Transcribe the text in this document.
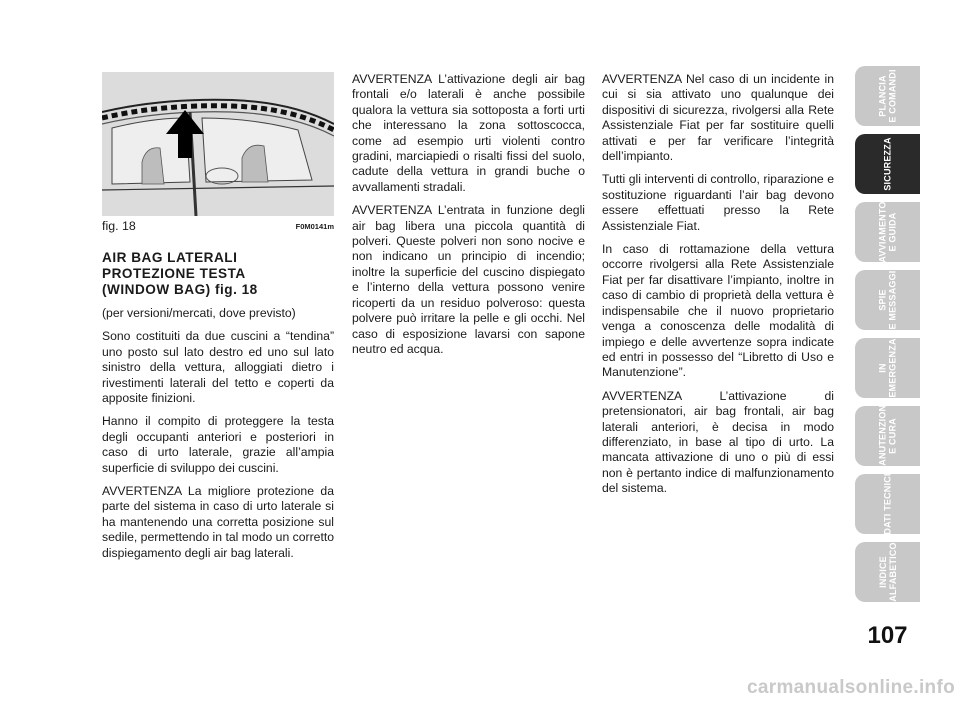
fig. 18	F0M0141m

AIR BAG LATERALI
PROTEZIONE TESTA
(WINDOW BAG) fig. 18

(per versioni/mercati, dove previsto)

Sono costituiti da due cuscini a “tendina” uno posto sul lato destro ed uno sul lato sinistro della vettura, alloggiati dietro i rivestimenti laterali del tetto e coperti da apposite finizioni.

Hanno il compito di proteggere la testa degli occupanti anteriori e posteriori in caso di urto laterale, grazie all’ampia superficie di sviluppo dei cuscini.

AVVERTENZA La migliore protezione da parte del sistema in caso di urto laterale si ha mantenendo una corretta posizione sul sedile, permettendo in tal modo un corretto dispiegamento degli air bag laterali.

AVVERTENZA L’attivazione degli air bag frontali e/o laterali è anche possibile qualora la vettura sia sottoposta a forti urti che interessano la zona sottoscocca, come ad esempio urti violenti contro gradini, marciapiedi o risalti fissi del suolo, cadute della vettura in grandi buche o avvallamenti stradali.

AVVERTENZA L’entrata in funzione degli air bag libera una piccola quantità di polveri. Queste polveri non sono nocive e non indicano un principio di incendio; inoltre la superficie del cuscino dispiegato e l’interno della vettura possono venire ricoperti da un residuo polveroso: questa polvere può irritare la pelle e gli occhi. Nel caso di esposizione lavarsi con sapone neutro ed acqua.

AVVERTENZA Nel caso di un incidente in cui si sia attivato uno qualunque dei dispositivi di sicurezza, rivolgersi alla Rete Assistenziale Fiat per far sostituire quelli attivati e per far verificare l’integrità dell’impianto.

Tutti gli interventi di controllo, riparazione e sostituzione riguardanti l’air bag devono essere effettuati presso la Rete Assistenziale Fiat.

In caso di rottamazione della vettura occorre rivolgersi alla Rete Assistenziale Fiat per far disattivare l’impianto, inoltre in caso di cambio di proprietà della vettura è indispensabile che il nuovo proprietario venga a conoscenza delle modalità di impiego e delle avvertenze sopra indicate ed entri in possesso del “Libretto di Uso e Manutenzione”.

AVVERTENZA L’attivazione di pretensionatori, air bag frontali, air bag laterali anteriori, è decisa in modo differenziato, in base al tipo di urto. La mancata attivazione di uno o più di essi non è pertanto indice di malfunzionamento del sistema.

PLANCIA E COMANDI
SICUREZZA
AVVIAMENTO E GUIDA
SPIE E MESSAGGI
IN EMERGENZA
MANUTENZIONE E CURA
DATI TECNICI
INDICE ALFABETICO
107
carmanualsonline.info
